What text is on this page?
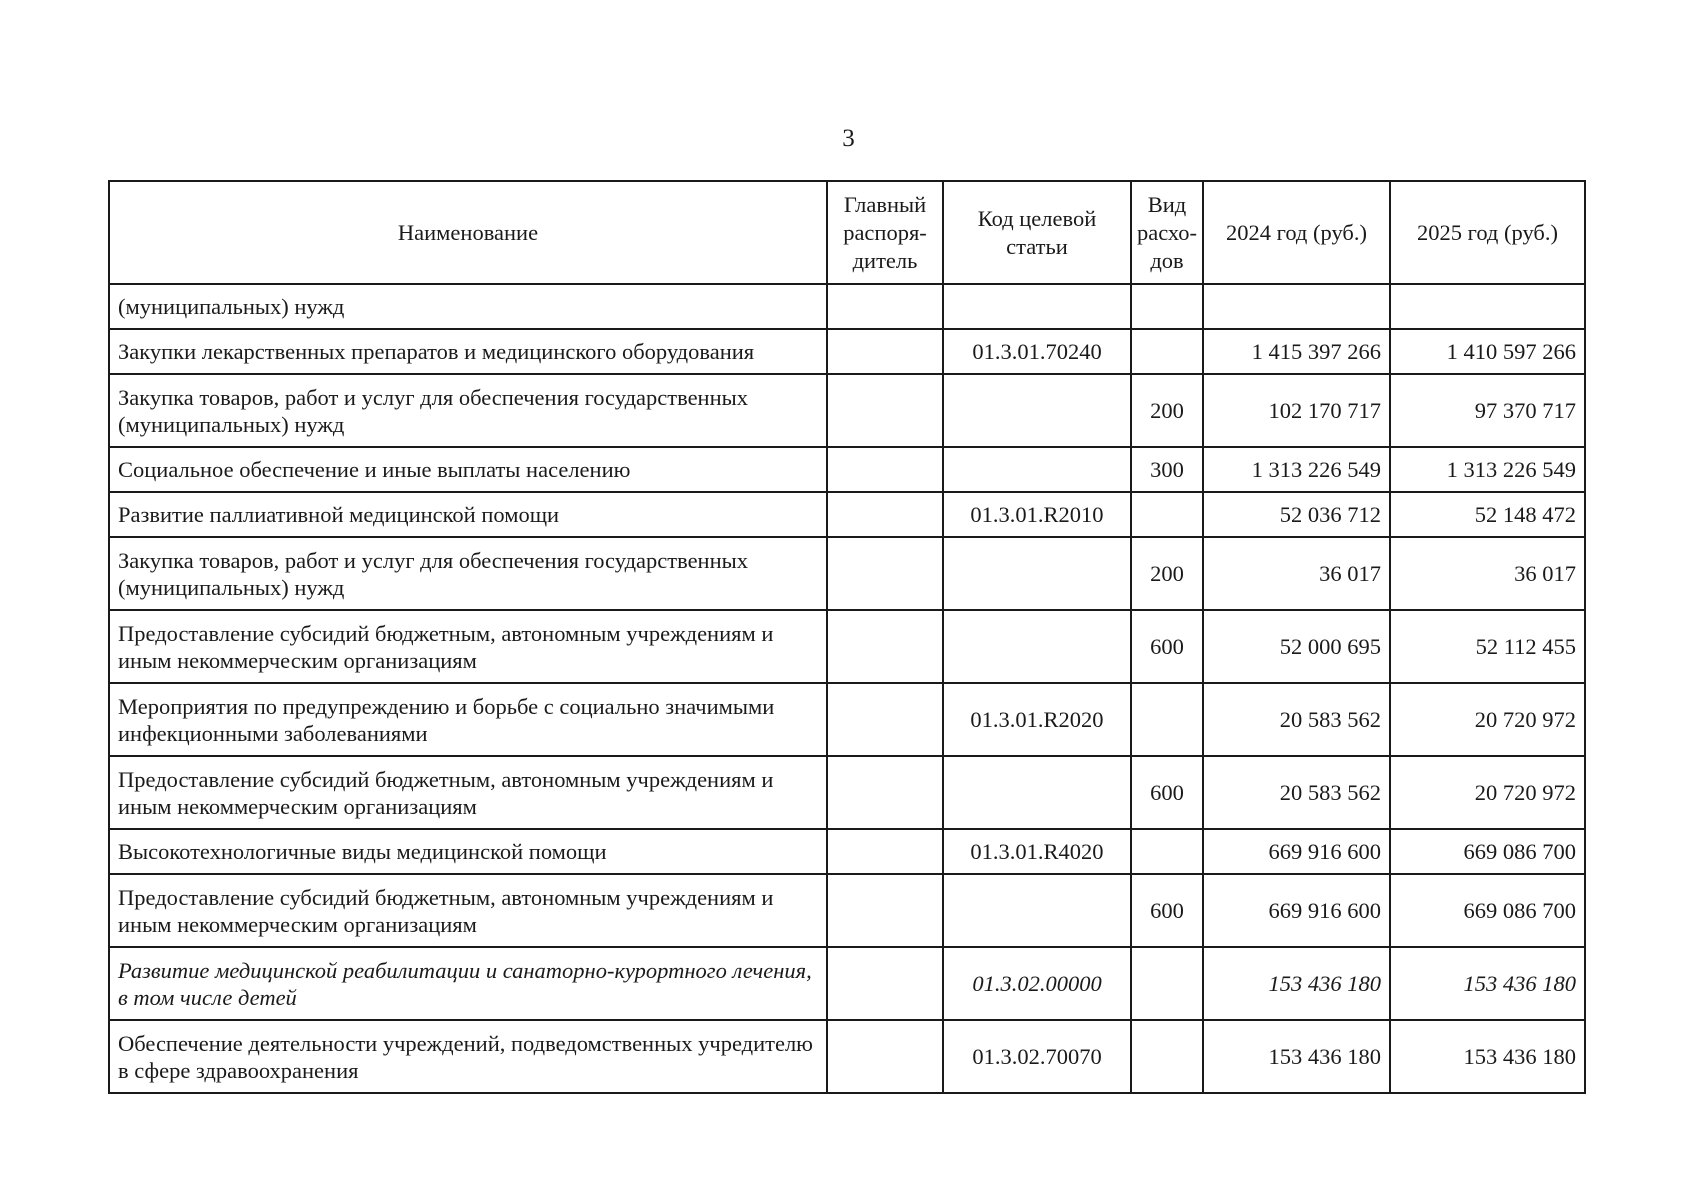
3
Наименование	Главный распоря-дитель	Код целевой статьи	Вид расхо-дов	2024 год (руб.)	2025 год (руб.)
(муниципальных) нужд					
Закупки лекарственных препаратов и медицинского оборудования		01.3.01.70240		1 415 397 266	1 410 597 266
Закупка товаров, работ и услуг для обеспечения государственных (муниципальных) нужд			200	102 170 717	97 370 717
Социальное обеспечение и иные выплаты населению			300	1 313 226 549	1 313 226 549
Развитие паллиативной медицинской помощи		01.3.01.R2010		52 036 712	52 148 472
Закупка товаров, работ и услуг для обеспечения государственных (муниципальных) нужд			200	36 017	36 017
Предоставление субсидий бюджетным, автономным учреждениям и иным некоммерческим организациям			600	52 000 695	52 112 455
Мероприятия по предупреждению и борьбе с социально значимыми инфекционными заболеваниями		01.3.01.R2020		20 583 562	20 720 972
Предоставление субсидий бюджетным, автономным учреждениям и иным некоммерческим организациям			600	20 583 562	20 720 972
Высокотехнологичные виды медицинской помощи		01.3.01.R4020		669 916 600	669 086 700
Предоставление субсидий бюджетным, автономным учреждениям и иным некоммерческим организациям			600	669 916 600	669 086 700
Развитие медицинской реабилитации и санаторно-курортного лечения, в том числе детей		01.3.02.00000		153 436 180	153 436 180
Обеспечение деятельности учреждений, подведомственных учредителю в сфере здравоохранения		01.3.02.70070		153 436 180	153 436 180
